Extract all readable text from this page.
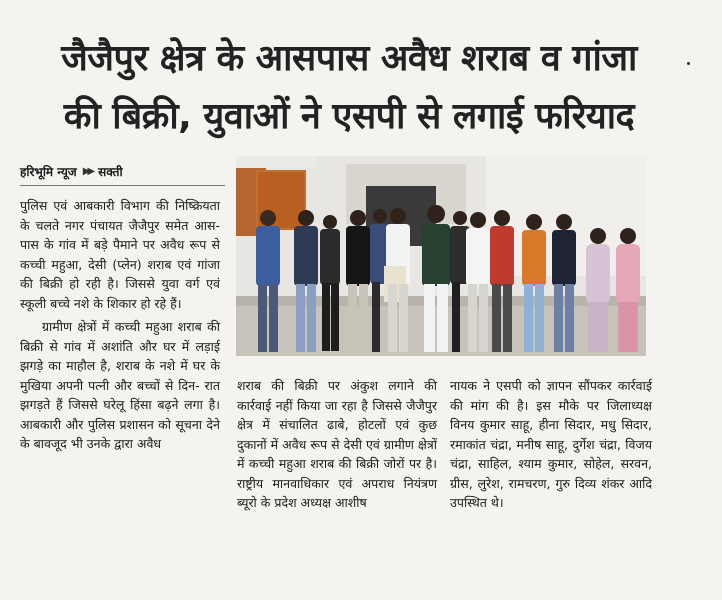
जैजैपुर क्षेत्र के आसपास अवैध शराब व गांजा
की बिक्री, युवाओं ने एसपी से लगाई फरियाद
हरिभूमि न्यूज ▶▶ सक्ती

पुलिस एवं आबकारी विभाग की निष्क्रियता के चलते नगर पंचायत जैजैपुर समेत आस- पास के गांव में बड़े पैमाने पर अवैध रूप से कच्ची महुआ, देसी (प्लेन) शराब एवं गांजा की बिक्री हो रही है। जिससे युवा वर्ग एवं स्कूली बच्चे नशे के शिकार हो रहे हैं।

ग्रामीण क्षेत्रों में कच्ची महुआ शराब की बिक्री से गांव में अशांति और घर में लड़ाई झगड़े का माहौल है, शराब के नशे में घर के मुखिया अपनी पत्नी और बच्चों से दिन- रात झगड़ते हैं जिससे घरेलू हिंसा बढ़ने लगा है। आबकारी और पुलिस प्रशासन को सूचना देने के बावजूद भी उनके द्वारा अवैध

शराब की बिक्री पर अंकुश लगाने की कार्रवाई नहीं किया जा रहा है जिससे जैजैपुर क्षेत्र में संचालित ढाबे, होटलों एवं कुछ दुकानों में अवैध रूप से देसी एवं ग्रामीण क्षेत्रों में कच्ची महुआ शराब की बिक्री जोरों पर है। राष्ट्रीय मानवाधिकार एवं अपराध नियंत्रण ब्यूरो के प्रदेश अध्यक्ष आशीष

नायक ने एसपी को ज्ञापन सौंपकर कार्रवाई की मांग की है। इस मौके पर जिलाध्यक्ष विनय कुमार साहू, हीना सिदार, मधु सिदार, रमाकांत चंद्रा, मनीष साहू, दुर्गेश चंद्रा, विजय चंद्रा, साहिल, श्याम कुमार, सोहेल, सरवन, ग्रीस, लुरेश, रामचरण, गुरु दिव्य शंकर आदि उपस्थित थे।
